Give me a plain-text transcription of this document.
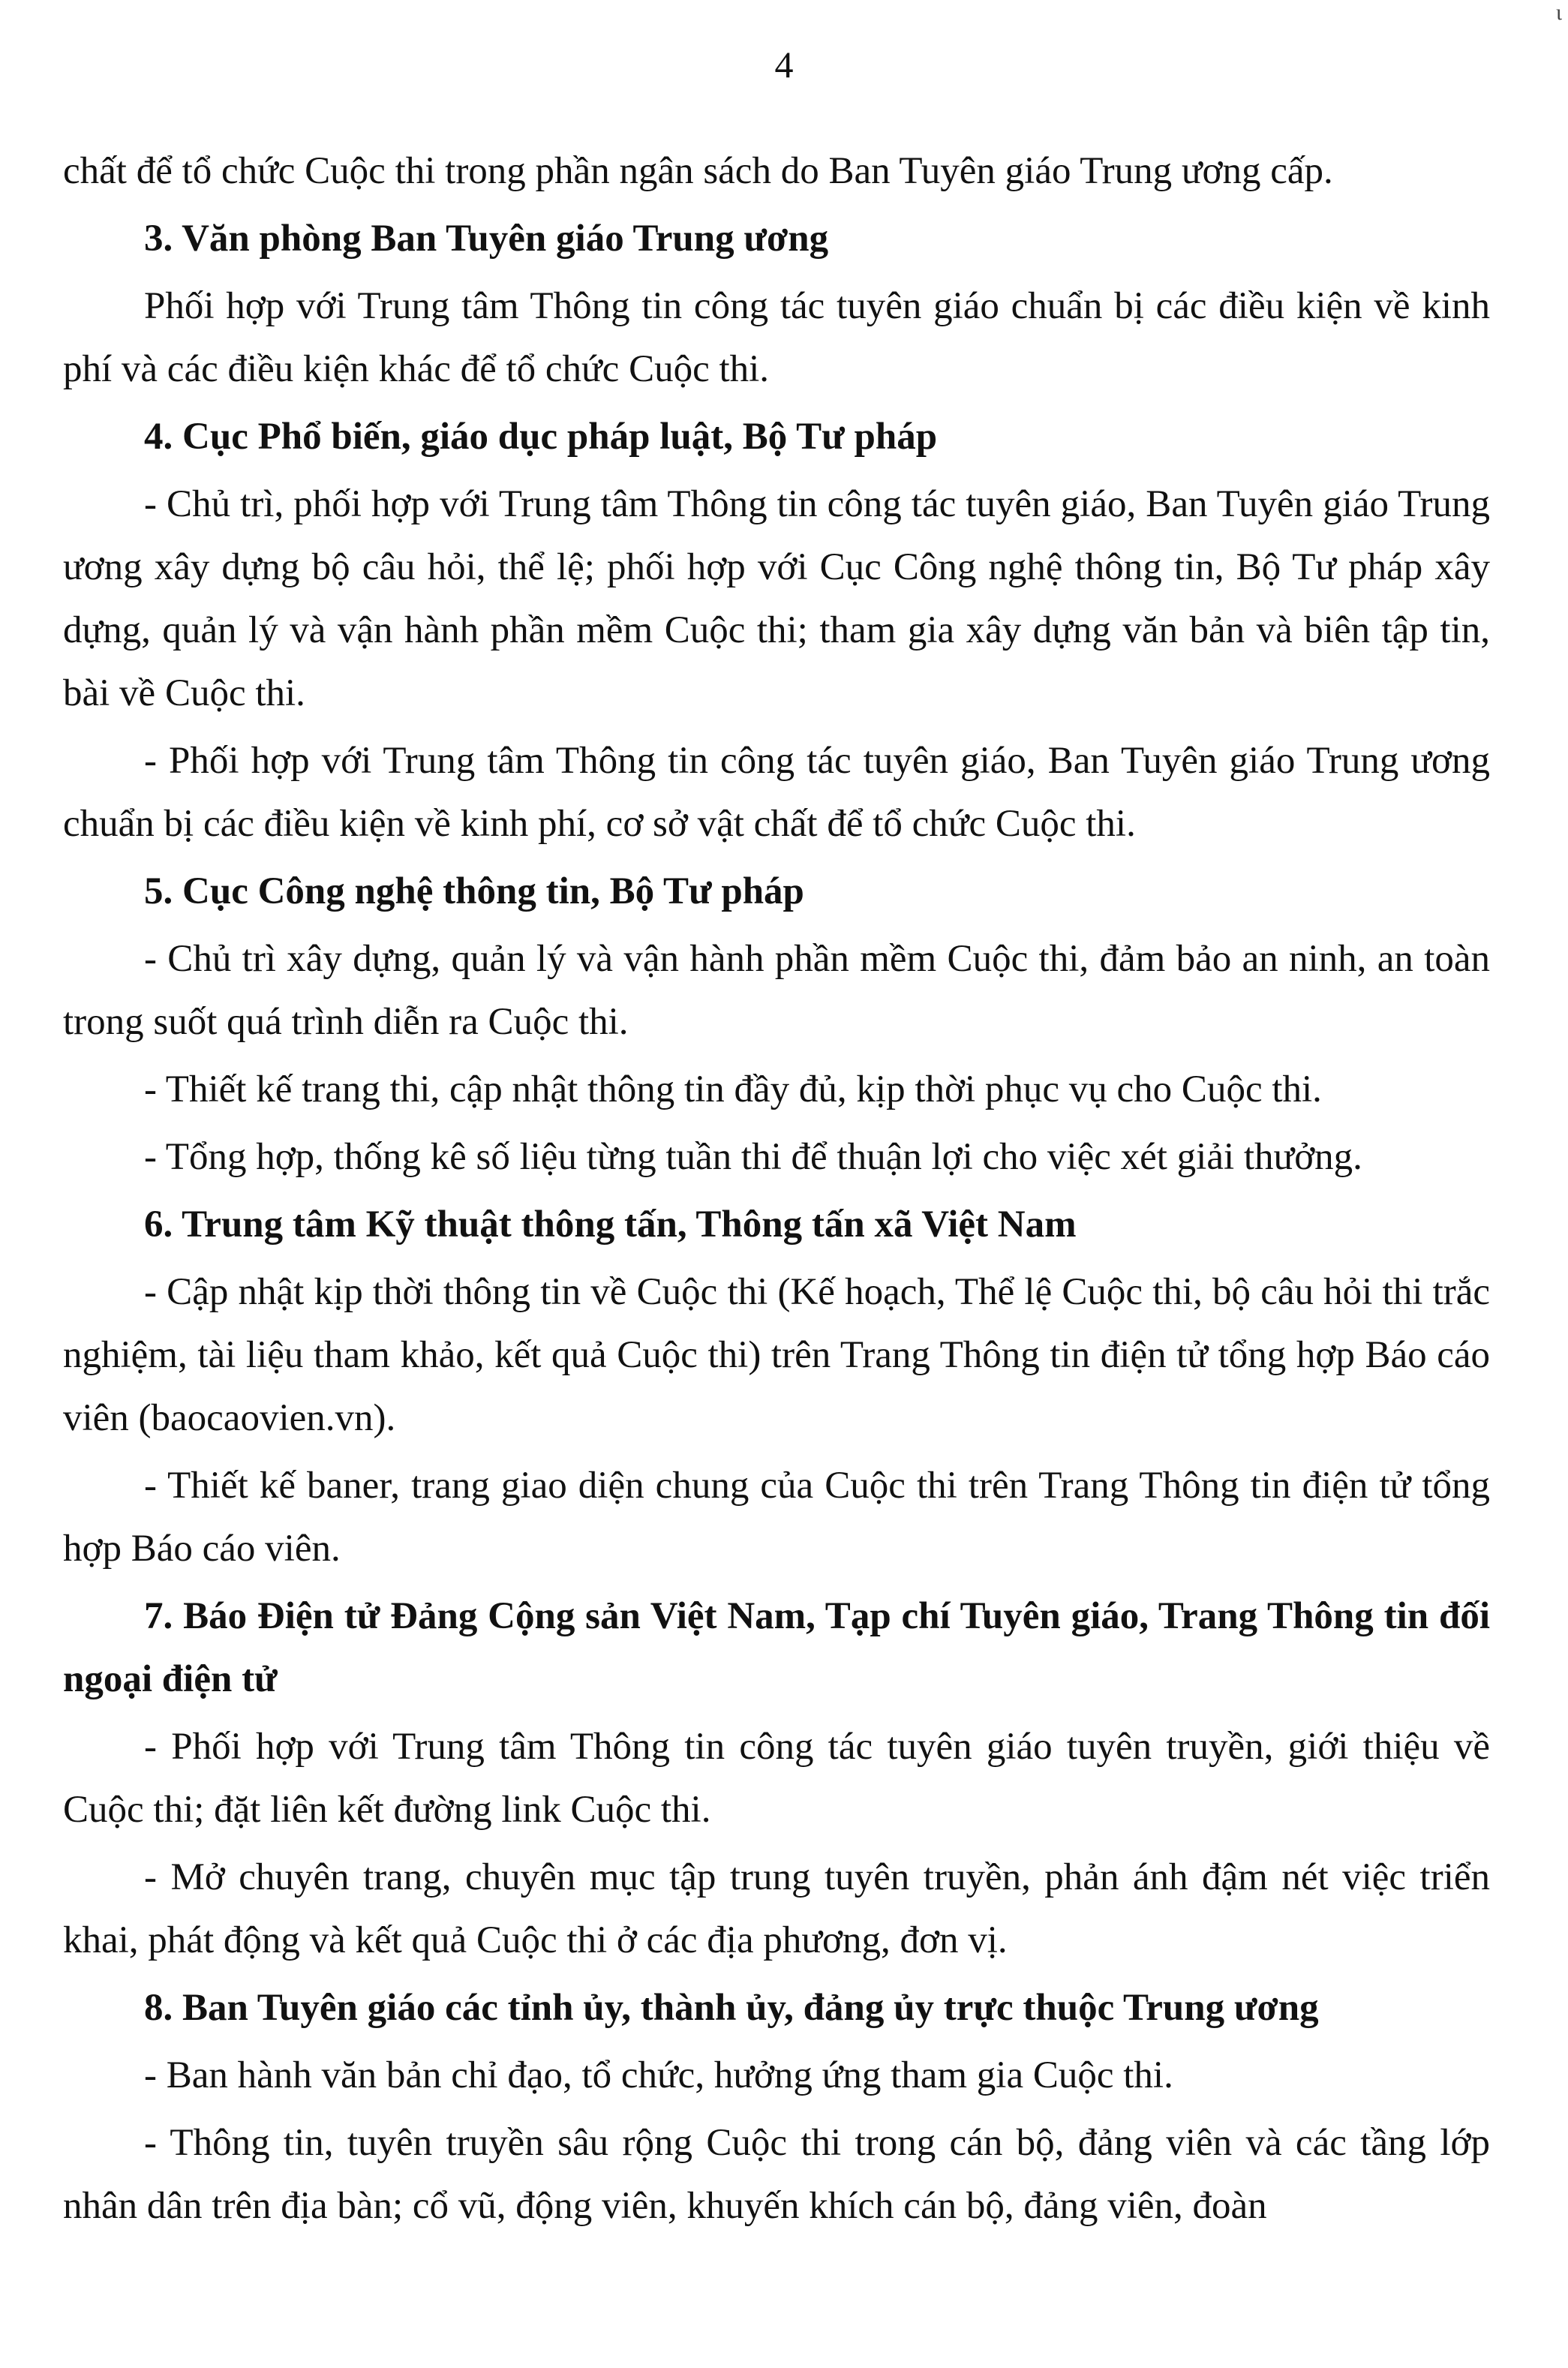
ι
4

chất để tổ chức Cuộc thi trong phần ngân sách do Ban Tuyên giáo Trung ương cấp.

3. Văn phòng Ban Tuyên giáo Trung ương

Phối hợp với Trung tâm Thông tin công tác tuyên giáo chuẩn bị các điều kiện về kinh phí và các điều kiện khác để tổ chức Cuộc thi.

4. Cục Phổ biến, giáo dục pháp luật, Bộ Tư pháp

- Chủ trì, phối hợp với Trung tâm Thông tin công tác tuyên giáo, Ban Tuyên giáo Trung ương xây dựng bộ câu hỏi, thể lệ; phối hợp với Cục Công nghệ thông tin, Bộ Tư pháp xây dựng, quản lý và vận hành phần mềm Cuộc thi; tham gia xây dựng văn bản và biên tập tin, bài về Cuộc thi.

- Phối hợp với Trung tâm Thông tin công tác tuyên giáo, Ban Tuyên giáo Trung ương chuẩn bị các điều kiện về kinh phí, cơ sở vật chất để tổ chức Cuộc thi.

5. Cục Công nghệ thông tin, Bộ Tư pháp

- Chủ trì xây dựng, quản lý và vận hành phần mềm Cuộc thi, đảm bảo an ninh, an toàn trong suốt quá trình diễn ra Cuộc thi.

- Thiết kế trang thi, cập nhật thông tin đầy đủ, kịp thời phục vụ cho Cuộc thi.

- Tổng hợp, thống kê số liệu từng tuần thi để thuận lợi cho việc xét giải thưởng.

6. Trung tâm Kỹ thuật thông tấn, Thông tấn xã Việt Nam

- Cập nhật kịp thời thông tin về Cuộc thi (Kế hoạch, Thể lệ Cuộc thi, bộ câu hỏi thi trắc nghiệm, tài liệu tham khảo, kết quả Cuộc thi) trên Trang Thông tin điện tử tổng hợp Báo cáo viên (baocaovien.vn).

- Thiết kế baner, trang giao diện chung của Cuộc thi trên Trang Thông tin điện tử tổng hợp Báo cáo viên.

7. Báo Điện tử Đảng Cộng sản Việt Nam, Tạp chí Tuyên giáo, Trang Thông tin đối ngoại điện tử

- Phối hợp với Trung tâm Thông tin công tác tuyên giáo tuyên truyền, giới thiệu về Cuộc thi; đặt liên kết đường link Cuộc thi.

- Mở chuyên trang, chuyên mục tập trung tuyên truyền, phản ánh đậm nét việc triển khai, phát động và kết quả Cuộc thi ở các địa phương, đơn vị.

8. Ban Tuyên giáo các tỉnh ủy, thành ủy, đảng ủy trực thuộc Trung ương

- Ban hành văn bản chỉ đạo, tổ chức, hưởng ứng tham gia Cuộc thi.

- Thông tin, tuyên truyền sâu rộng Cuộc thi trong cán bộ, đảng viên và các tầng lớp nhân dân trên địa bàn; cổ vũ, động viên, khuyến khích cán bộ, đảng viên, đoàn
